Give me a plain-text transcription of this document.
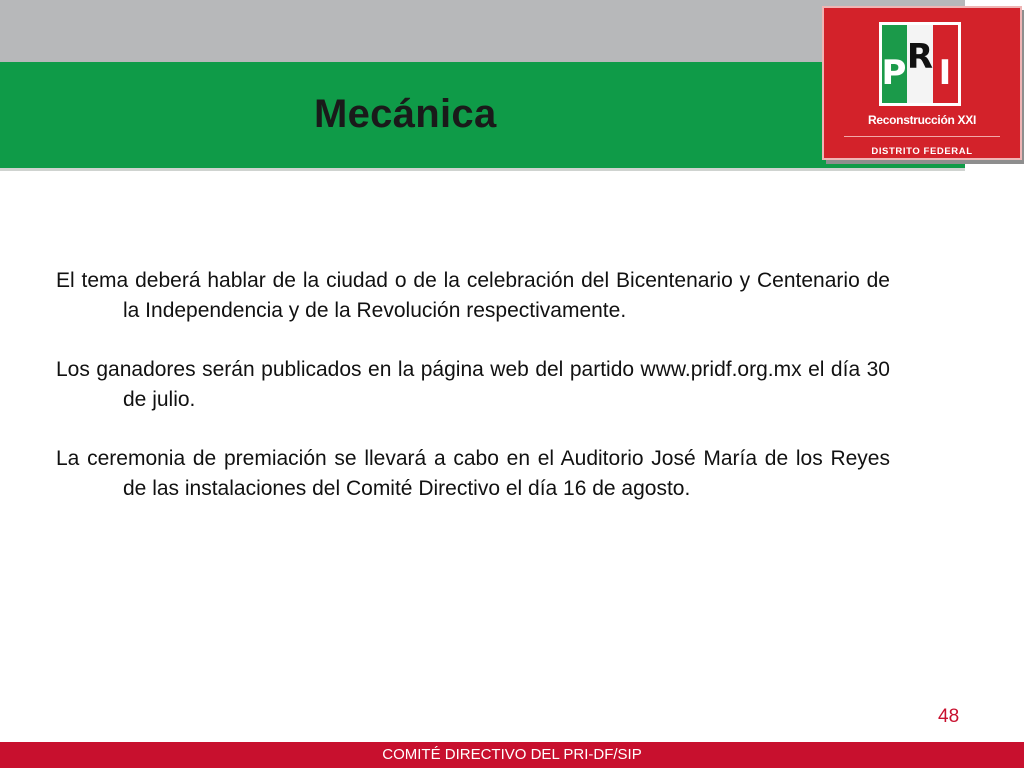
Mecánica
P R I
Reconstrucción XXI
DISTRITO FEDERAL

El tema deberá hablar de la ciudad o de la celebración del Bicentenario y Centenario de la Independencia y de la Revolución respectivamente.

Los ganadores serán publicados en la página web del partido www.pridf.org.mx el día 30 de julio.

La ceremonia de premiación se llevará a cabo en el Auditorio José María de los Reyes de las instalaciones del Comité Directivo el día 16 de agosto.

48
COMITÉ DIRECTIVO DEL PRI-DF/SIP
